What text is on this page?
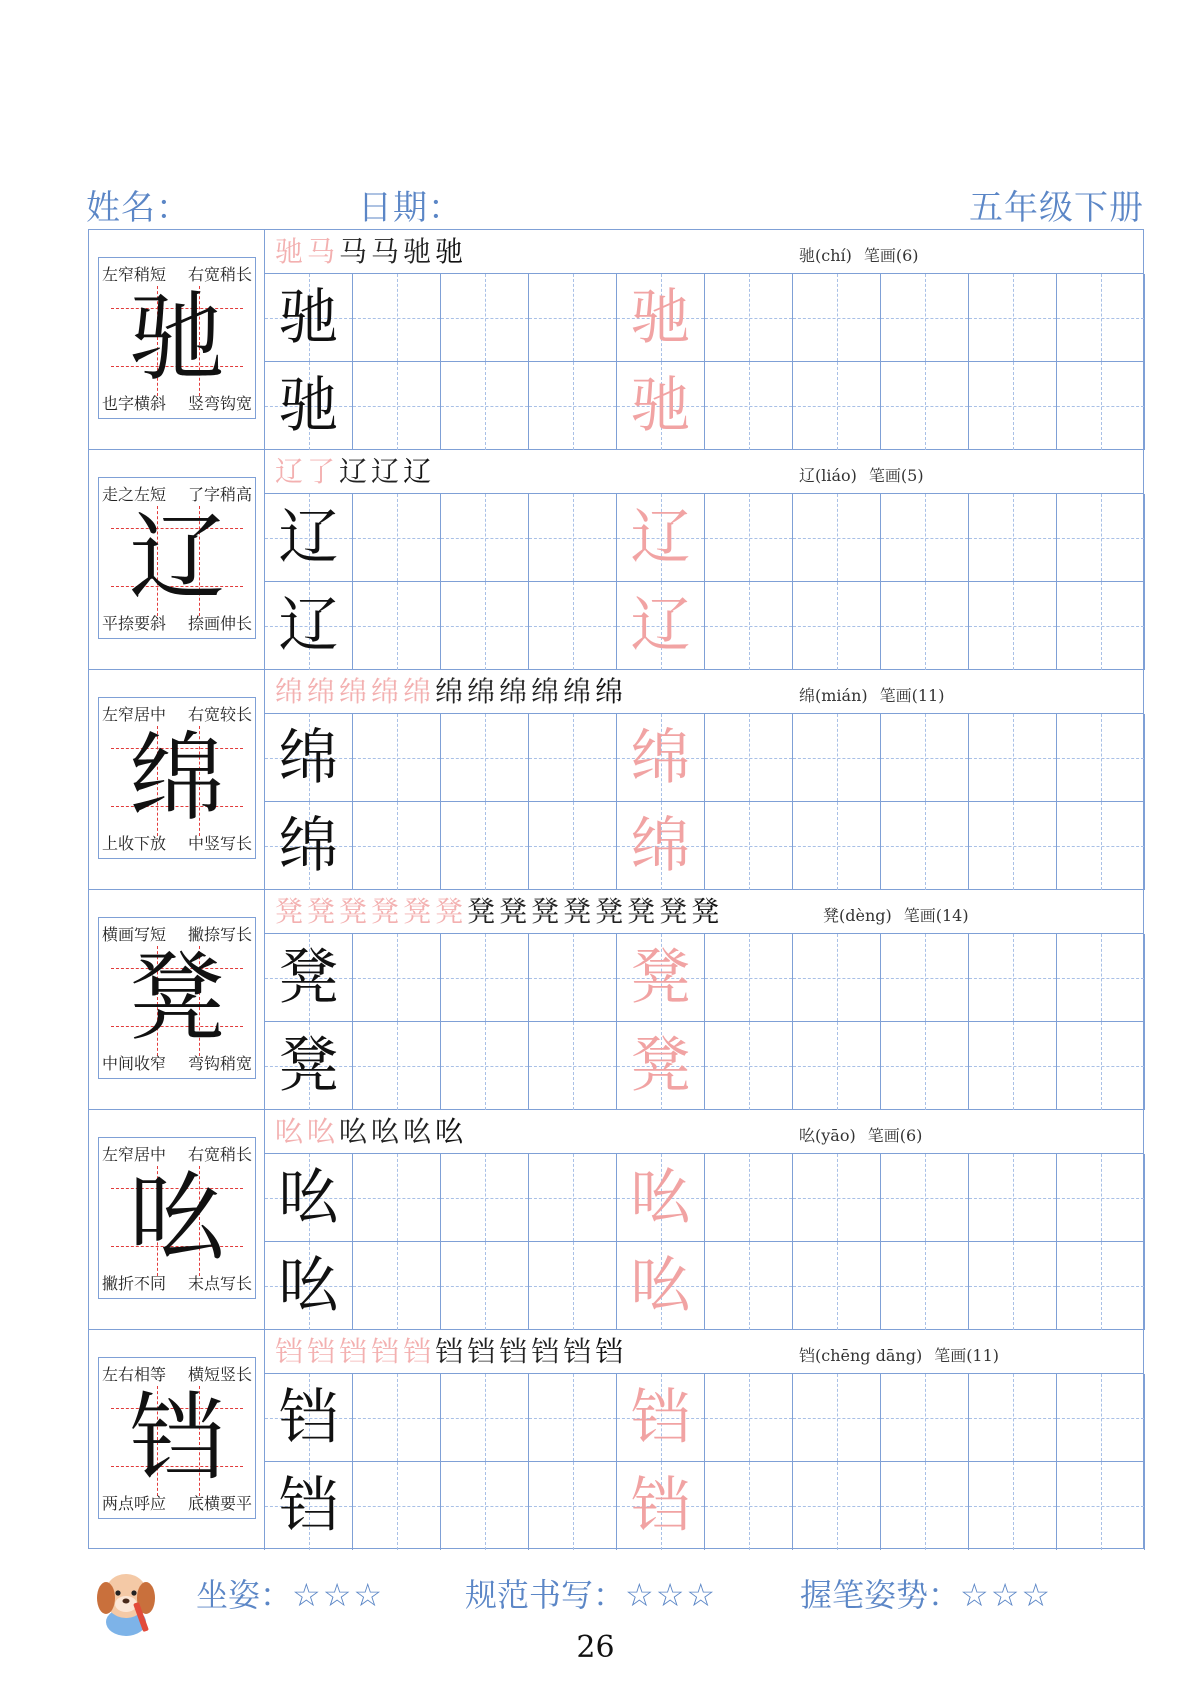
姓名：	日期：	五年级下册
左窄稍短 右宽稍长
也字横斜 竖弯钩宽
驰
驰 马 马 马 驰 驰	驰(chí) 笔画(6)
驰	驰
驰	驰
走之左短 了字稍高
平捺要斜 捺画伸长
辽
辽 了 辽 辽 辽	辽(liáo) 笔画(5)
辽	辽
辽	辽
左窄居中 右宽较长
上收下放 中竖写长
绵
绵 绵 绵 绵 绵 绵 绵 绵 绵 绵 绵	绵(mián) 笔画(11)
绵	绵
绵	绵
横画写短 撇捺写长
中间收窄 弯钩稍宽
凳
凳 凳 凳 凳 凳 凳 凳 凳 凳 凳 凳 凳 凳 凳	凳(dèng) 笔画(14)
凳	凳
凳	凳
左窄居中 右宽稍长
撇折不同 末点写长
吆
吆 吆 吆 吆 吆 吆	吆(yāo) 笔画(6)
吆	吆
吆	吆
左右相等 横短竖长
两点呼应 底横要平
铛
铛 铛 铛 铛 铛 铛 铛 铛 铛 铛 铛	铛(chēng dāng) 笔画(11)
铛	铛
铛	铛
坐姿：☆☆☆	规范书写：☆☆☆	握笔姿势：☆☆☆
26
